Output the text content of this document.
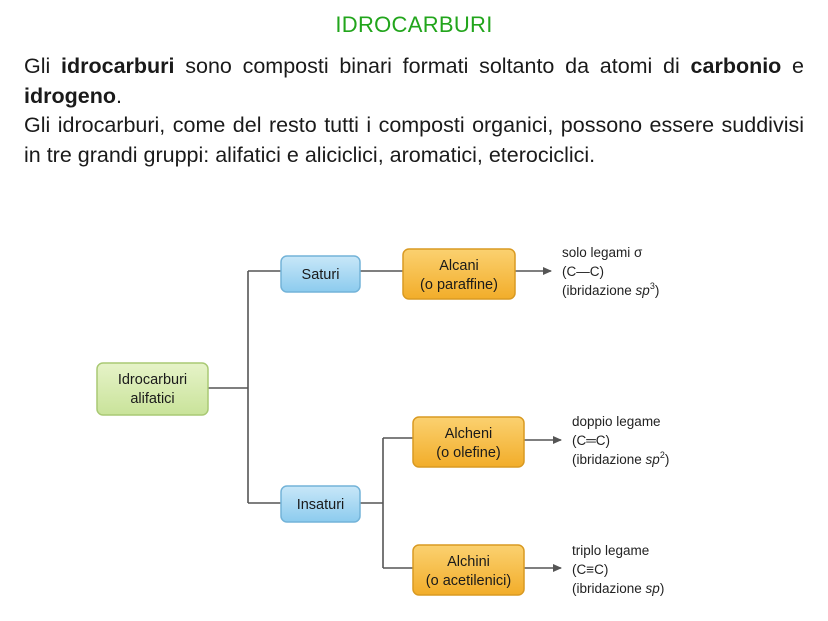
IDROCARBURI

Gli idrocarburi sono composti binari formati soltanto da atomi di carbonio e idrogeno.

Gli idrocarburi, come del resto tutti i composti organici, possono essere suddivisi in tre grandi gruppi: alifatici e aliciclici, aromatici, eterociclici.

Idrocarburi
alifatici
Saturi
Insaturi
Alcani
(o paraffine)
Alcheni
(o olefine)
Alchini
(o acetilenici)
solo legami σ
(C—C)
(ibridazione $sp^3$)
doppio legame
(C═C)
(ibridazione $sp^2$)
triplo legame
(C≡C)
(ibridazione sp)
